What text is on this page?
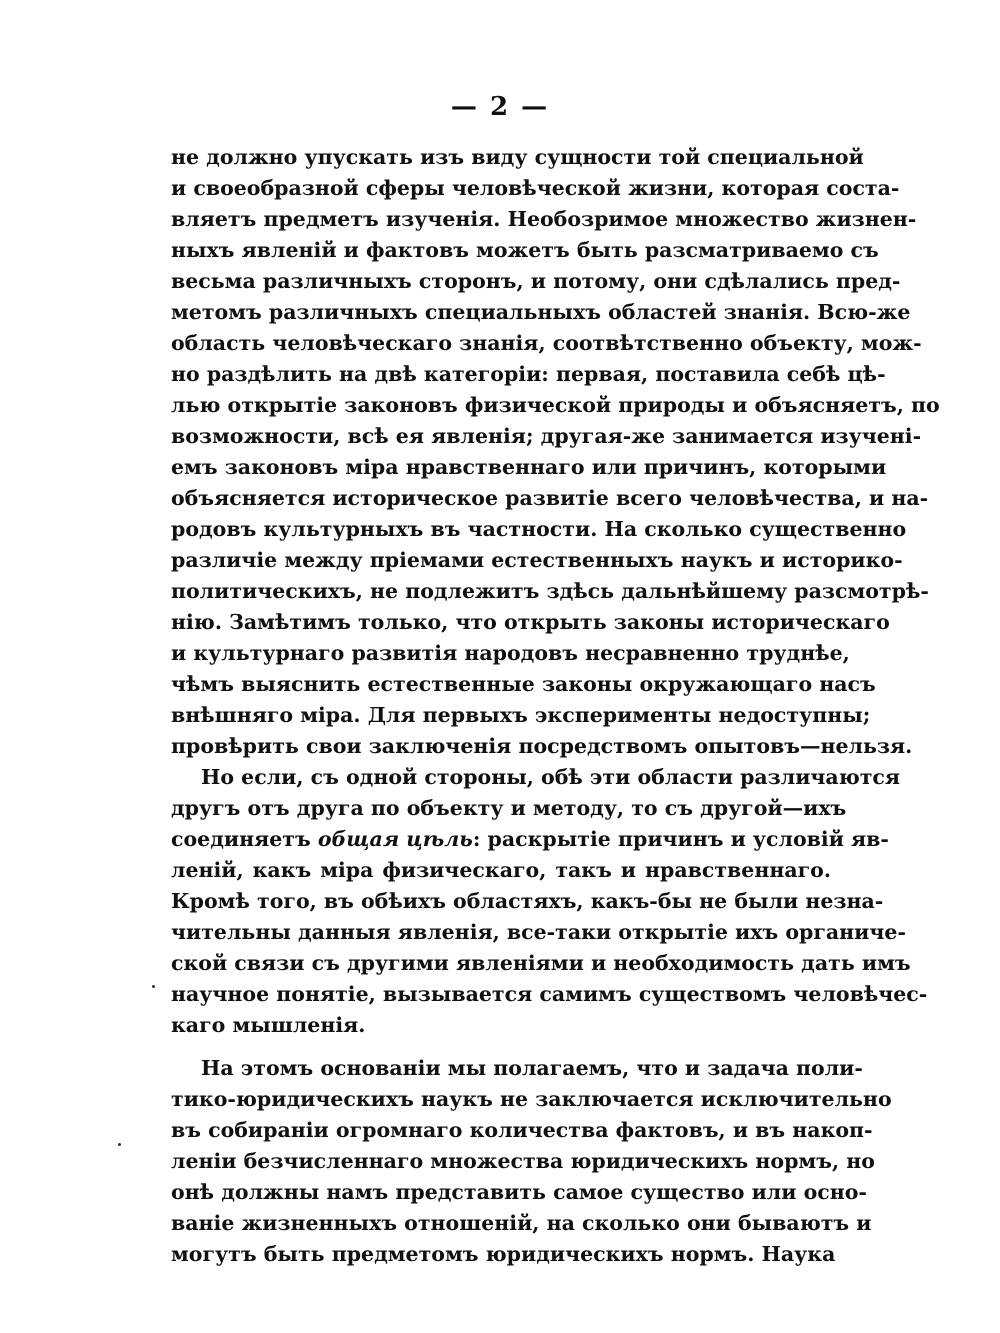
— 2 —
не должно упускать изъ виду сущности той специальной
и своеобразной сферы человѣческой жизни, которая соста-
вляетъ предметъ изученія. Необозримое множество жизнен-
ныхъ явленій и фактовъ можетъ быть разсматриваемо съ
весьма различныхъ сторонъ, и потому, они сдѣлались пред-
метомъ различныхъ специальныхъ областей знанія. Всю-же
область человѣческаго знанія, соотвѣтственно объекту, мож-
но раздѣлить на двѣ категоріи: первая, поставила себѣ цѣ-
лью открытіе законовъ физической природы и объясняетъ, по
возможности, всѣ ея явленія; другая-же занимается изученi-
емъ законовъ міра нравственнаго или причинъ, которыми
объясняется историческое развитіе всего человѣчества, и на-
родовъ культурныхъ въ частности. На сколько существенно
различіе между пріемами естественныхъ наукъ и историко-
политическихъ, не подлежитъ здѣсь дальнѣйшему разсмотрѣ-
нію. Замѣтимъ только, что открыть законы историческаго
и культурнаго развитія народовъ несравненно труднѣе,
чѣмъ выяснить естественные законы окружающаго насъ
внѣшняго міра. Для первыхъ эксперименты недоступны;
провѣрить свои заключенія посредствомъ опытовъ—нельзя.
Но если, съ одной стороны, обѣ эти области различаются
другъ отъ друга по объекту и методу, то съ другой—ихъ
соединяетъ общая цѣль: раскрытіе причинъ и условій яв-
леній, какъ міра физическаго, такъ и нравственнаго.
Кромѣ того, въ обѣихъ областяхъ, какъ-бы не были незна-
чительны данныя явленія, все-таки открытіе ихъ органиче-
ской связи съ другими явленіями и необходимость дать имъ
научное понятіе, вызывается самимъ существомъ человѣчес-
каго мышленія.
На этомъ основаніи мы полагаемъ, что и задача поли-
тико-юридическихъ наукъ не заключается исключительно
въ собираніи огромнаго количества фактовъ, и въ накоп-
леніи безчисленнаго множества юридическихъ нормъ, но
онѣ должны намъ представить самое существо или осно-
ваніе жизненныхъ отношеній, на сколько они бываютъ и
могутъ быть предметомъ юридическихъ нормъ. Наука
